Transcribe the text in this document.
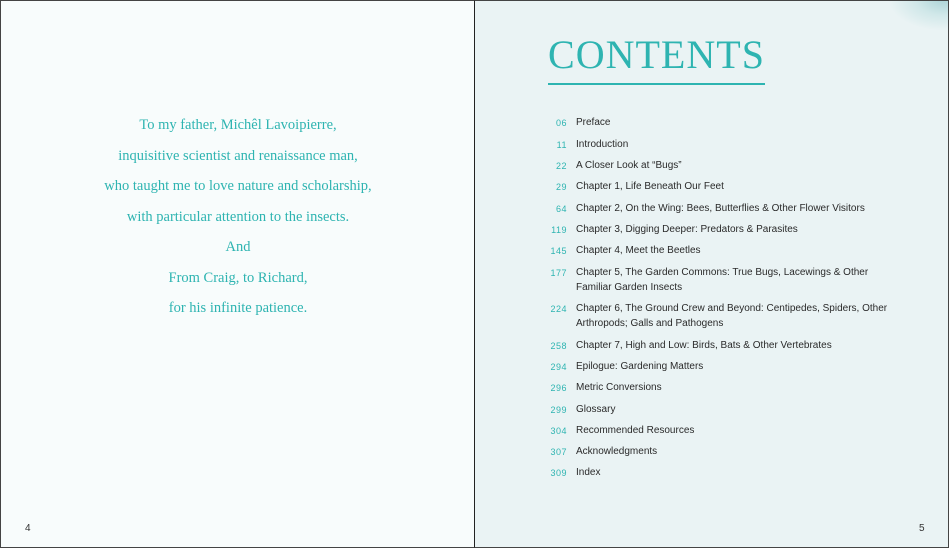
To my father, Michêl Lavoipierre,
inquisitive scientist and renaissance man,
who taught me to love nature and scholarship,
with particular attention to the insects.
And
From Craig, to Richard,
for his infinite patience.
4
CONTENTS
06 Preface
11 Introduction
22 A Closer Look at “Bugs”
29 Chapter 1, Life Beneath Our Feet
64 Chapter 2, On the Wing: Bees, Butterflies & Other Flower Visitors
119 Chapter 3, Digging Deeper: Predators & Parasites
145 Chapter 4, Meet the Beetles
177 Chapter 5, The Garden Commons: True Bugs, Lacewings & Other Familiar Garden Insects
224 Chapter 6, The Ground Crew and Beyond: Centipedes, Spiders, Other Arthropods; Galls and Pathogens
258 Chapter 7, High and Low: Birds, Bats & Other Vertebrates
294 Epilogue: Gardening Matters
296 Metric Conversions
299 Glossary
304 Recommended Resources
307 Acknowledgments
309 Index
5
